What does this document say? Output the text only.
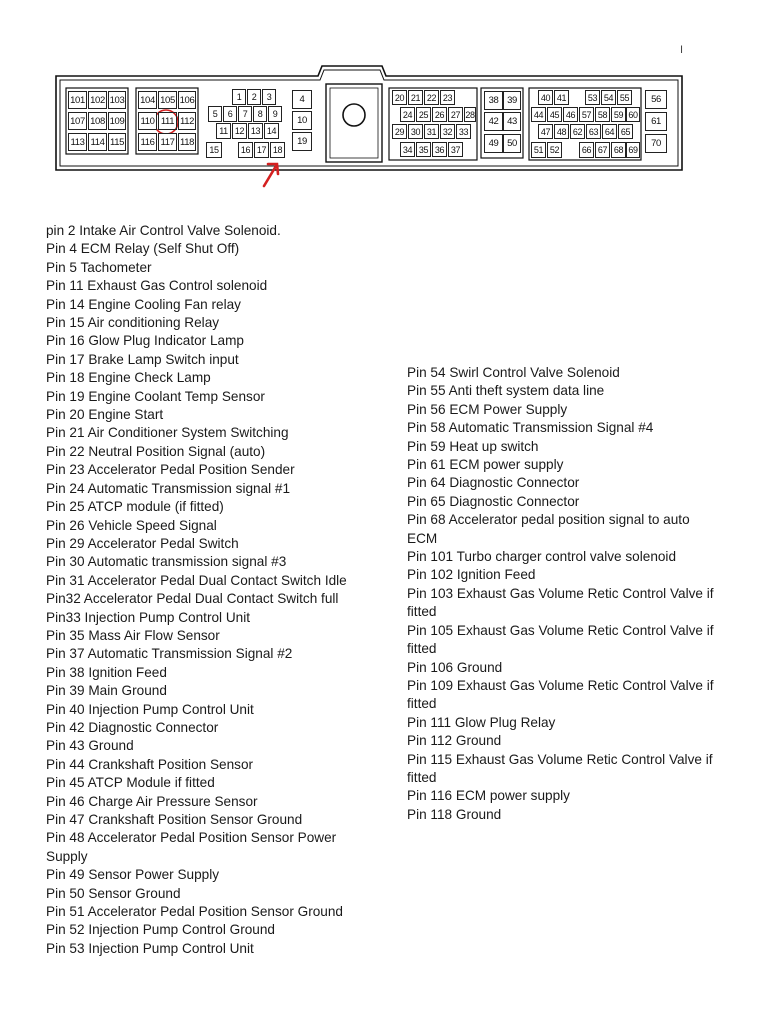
I
101 102 103
107 108 109
113 114 115
104 105 106
110 111 112
116 117 118
1	2	3
5	6	7	8	9
11 12 13 14
15	16 17 18
4
10
19
20 21 22 23
24 25 26 27 28
29 30 31 32 33
34 35 36 37
38 39
42 43
49 50
40 41	53 54 55
44 45 46 57 58 59 60
47 48 62 63 64 65
51 52	66 67 68 69
56
61
70
pin 2 Intake Air Control Valve Solenoid.
Pin 4 ECM Relay (Self Shut Off)
Pin 5 Tachometer
Pin 11 Exhaust Gas Control solenoid
Pin 14 Engine Cooling Fan relay
Pin 15 Air conditioning Relay
Pin 16 Glow Plug Indicator Lamp
Pin 17 Brake Lamp Switch input
Pin 18 Engine Check Lamp
Pin 19 Engine Coolant Temp Sensor
Pin 20 Engine Start
Pin 21 Air Conditioner System Switching
Pin 22 Neutral Position Signal (auto)
Pin 23 Accelerator Pedal Position Sender
Pin 24 Automatic Transmission signal #1
Pin 25 ATCP module (if fitted)
Pin 26 Vehicle Speed Signal
Pin 29 Accelerator Pedal Switch
Pin 30 Automatic transmission signal #3
Pin 31 Accelerator Pedal Dual Contact Switch Idle
Pin32 Accelerator Pedal Dual Contact Switch full
Pin33 Injection Pump Control Unit
Pin 35 Mass Air Flow Sensor
Pin 37 Automatic Transmission Signal #2
Pin 38 Ignition Feed
Pin 39 Main Ground
Pin 40 Injection Pump Control Unit
Pin 42 Diagnostic Connector
Pin 43 Ground
Pin 44 Crankshaft Position Sensor
Pin 45 ATCP Module if fitted
Pin 46 Charge Air Pressure Sensor
Pin 47 Crankshaft Position Sensor Ground
Pin 48 Accelerator Pedal Position Sensor Power
Supply
Pin 49 Sensor Power Supply
Pin 50 Sensor Ground
Pin 51 Accelerator Pedal Position Sensor Ground
Pin 52 Injection Pump Control Ground
Pin 53 Injection Pump Control Unit
Pin 54 Swirl Control Valve Solenoid
Pin 55 Anti theft system data line
Pin 56 ECM Power Supply
Pin 58 Automatic Transmission Signal #4
Pin 59 Heat up switch
Pin 61 ECM power supply
Pin 64 Diagnostic Connector
Pin 65 Diagnostic Connector
Pin 68 Accelerator pedal position signal to auto
ECM
Pin 101 Turbo charger control valve solenoid
Pin 102 Ignition Feed
Pin 103 Exhaust Gas Volume Retic Control Valve if
fitted
Pin 105 Exhaust Gas Volume Retic Control Valve if
fitted
Pin 106 Ground
Pin 109 Exhaust Gas Volume Retic Control Valve if
fitted
Pin 111 Glow Plug Relay
Pin 112 Ground
Pin 115 Exhaust Gas Volume Retic Control Valve if
fitted
Pin 116 ECM power supply
Pin 118 Ground
